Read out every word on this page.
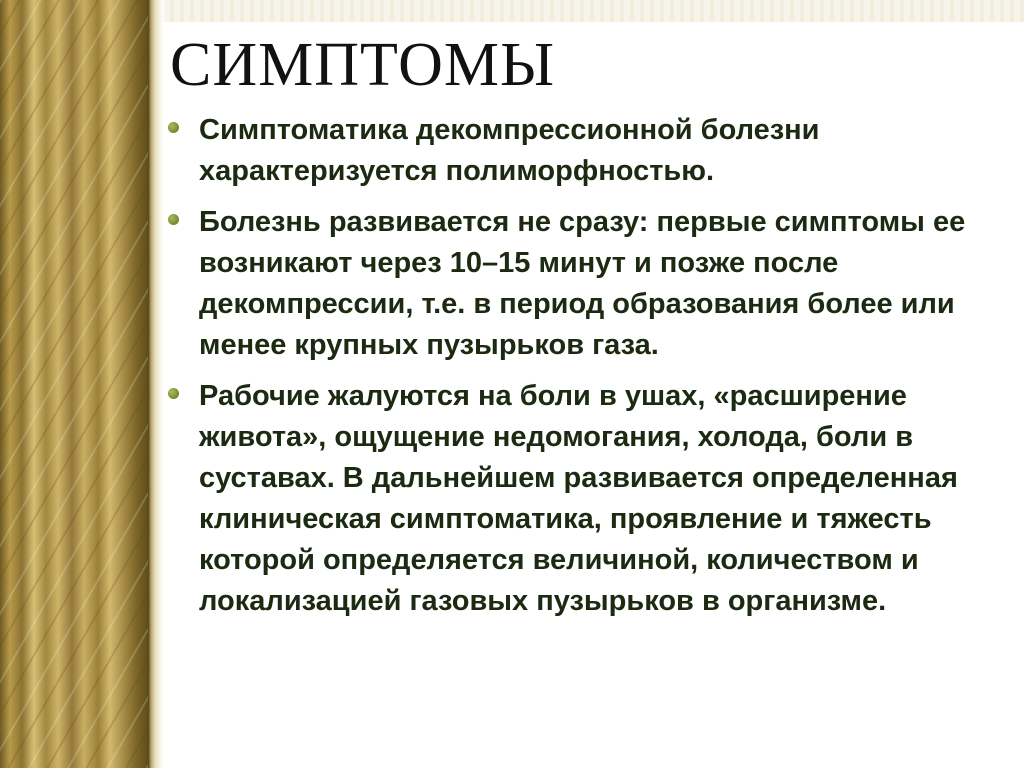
СИМПТОМЫ
Симптоматика декомпрессионной болезни характеризуется полиморфностью.
Болезнь развивается не сразу: первые симптомы ее возникают через 10–15 минут и позже после декомпрессии, т.е. в период образования более или менее крупных пузырьков газа.
Рабочие жалуются на боли в ушах, «расширение живота», ощущение недомогания, холода, боли в суставах. В дальнейшем развивается определенная клиническая симптоматика, проявление и тяжесть которой определяется величиной, количеством и локализацией газовых пузырьков в организме.
